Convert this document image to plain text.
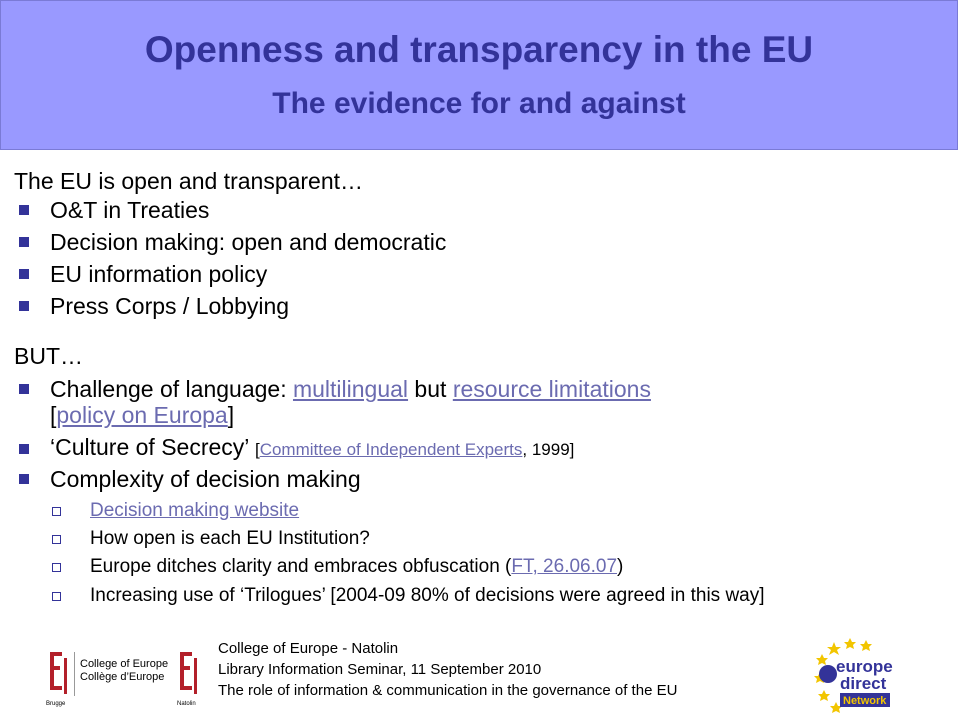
Openness and transparency in the EU
The evidence for and against
The EU is open and transparent…
O&T in Treaties
Decision making: open and democratic
EU information policy
Press Corps / Lobbying
BUT…
Challenge of language: multilingual but resource limitations
[policy on Europa]
‘Culture of Secrecy’ [Committee of Independent Experts, 1999]
Complexity of decision making
Decision making website
How open is each EU Institution?
Europe ditches clarity and embraces obfuscation (FT, 26.06.07)
Increasing use of ‘Trilogues’ [2004-09 80% of decisions were agreed in this way]
College of Europe
Collège d’Europe
Brugge	Natolin
College of Europe - Natolin
Library Information Seminar, 11 September 2010
The role of information & communication in the governance of the EU
europe
direct
Network
